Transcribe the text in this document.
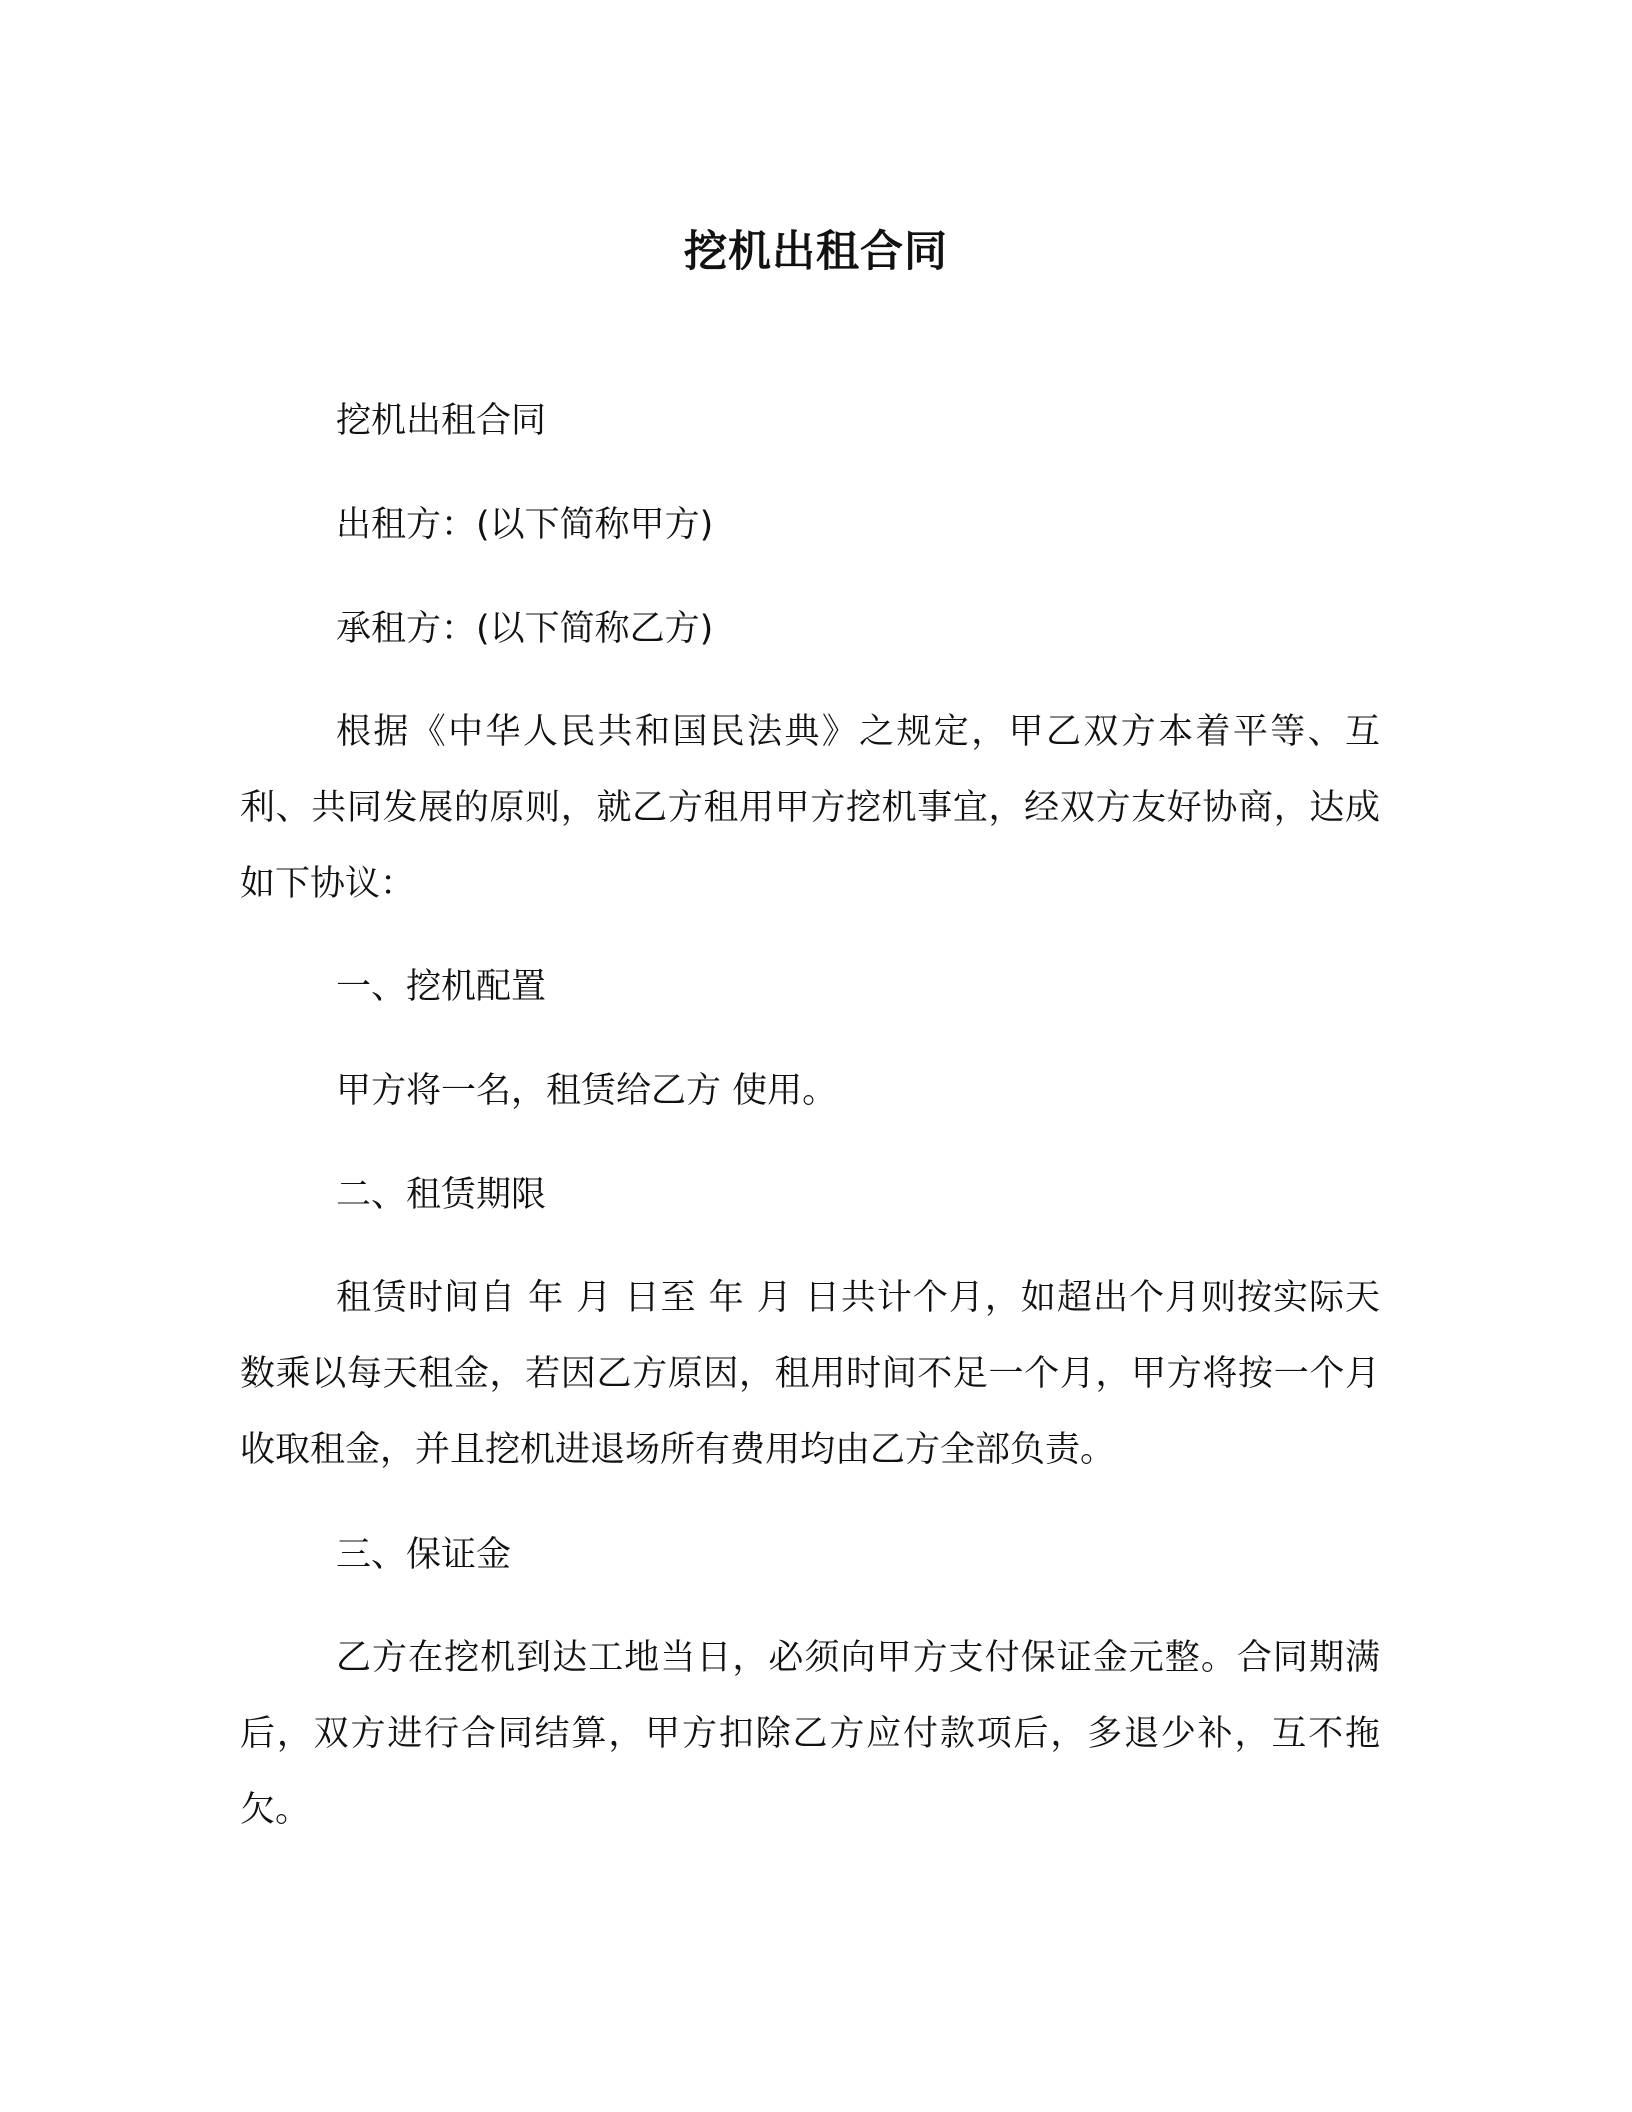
挖机出租合同
挖机出租合同
出租方：(以下简称甲方)
承租方：(以下简称乙方)
根据《中华人民共和国民法典》之规定，甲乙双方本着平等、互利、共同发展的原则，就乙方租用甲方挖机事宜，经双方友好协商，达成如下协议：
一、挖机配置
甲方将一名，租赁给乙方 使用。
二、租赁期限
租赁时间自 年 月 日至 年 月 日共计个月，如超出个月则按实际天数乘以每天租金，若因乙方原因，租用时间不足一个月，甲方将按一个月收取租金，并且挖机进退场所有费用均由乙方全部负责。
三、保证金
乙方在挖机到达工地当日，必须向甲方支付保证金元整。合同期满后，双方进行合同结算，甲方扣除乙方应付款项后，多退少补，互不拖欠。
